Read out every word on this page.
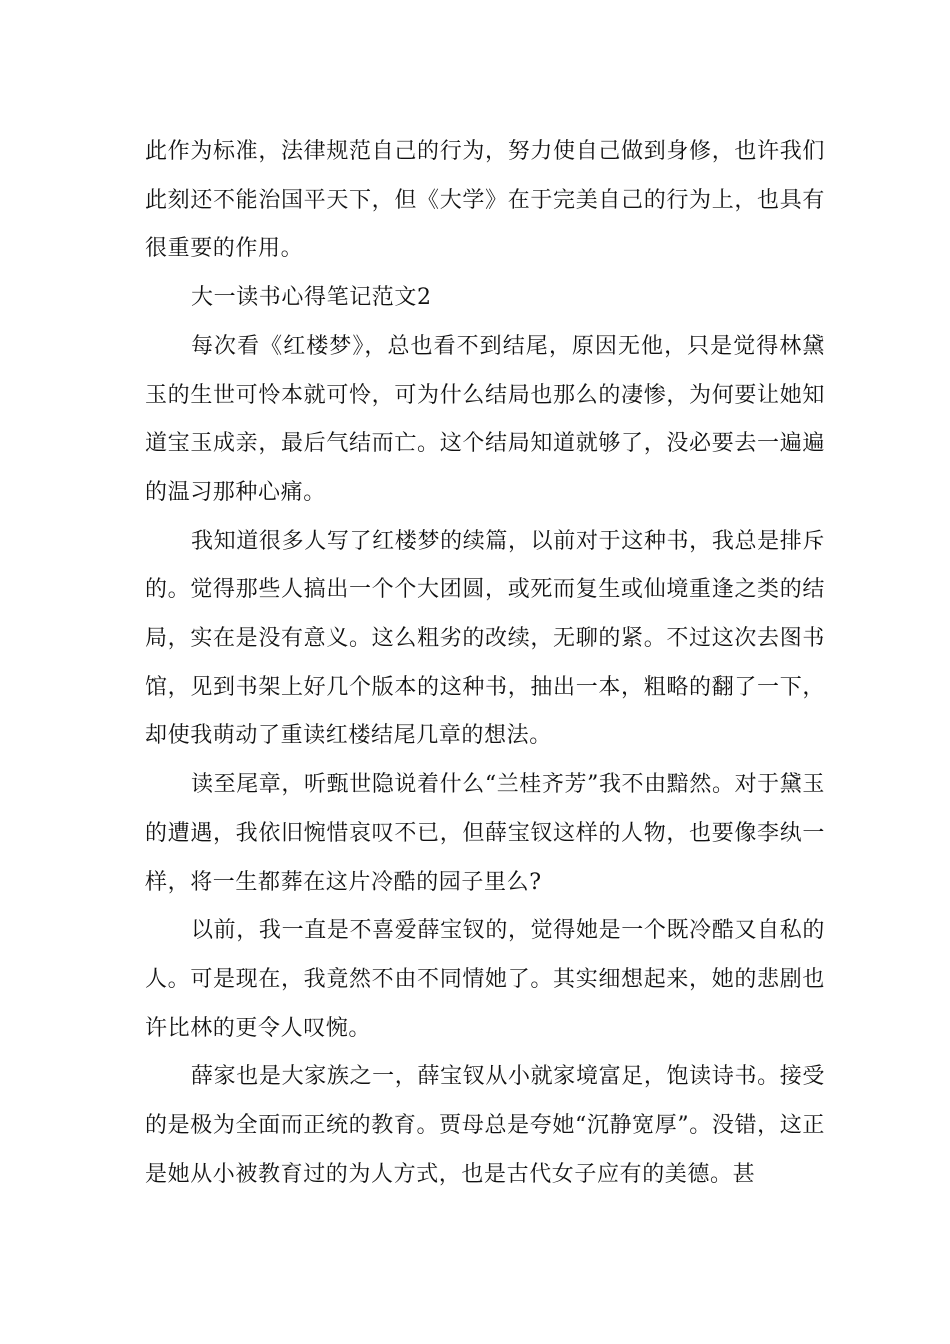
此作为标准，法律规范自己的行为，努力使自己做到身修，也许我们此刻还不能治国平天下，但《大学》在于完美自己的行为上，也具有很重要的作用。

大一读书心得笔记范文2

每次看《红楼梦》，总也看不到结尾，原因无他，只是觉得林黛玉的生世可怜本就可怜，可为什么结局也那么的凄惨，为何要让她知道宝玉成亲，最后气结而亡。这个结局知道就够了，没必要去一遍遍的温习那种心痛。

我知道很多人写了红楼梦的续篇，以前对于这种书，我总是排斥的。觉得那些人搞出一个个大团圆，或死而复生或仙境重逢之类的结局，实在是没有意义。这么粗劣的改续，无聊的紧。不过这次去图书馆，见到书架上好几个版本的这种书，抽出一本，粗略的翻了一下，却使我萌动了重读红楼结尾几章的想法。

读至尾章，听甄世隐说着什么“兰桂齐芳”我不由黯然。对于黛玉的遭遇，我依旧惋惜哀叹不已，但薛宝钗这样的人物，也要像李纨一样，将一生都葬在这片冷酷的园子里么?

以前，我一直是不喜爱薛宝钗的，觉得她是一个既冷酷又自私的人。可是现在，我竟然不由不同情她了。其实细想起来，她的悲剧也许比林的更令人叹惋。

薛家也是大家族之一，薛宝钗从小就家境富足，饱读诗书。接受的是极为全面而正统的教育。贾母总是夸她“沉静宽厚”。没错，这正是她从小被教育过的为人方式，也是古代女子应有的美德。甚
